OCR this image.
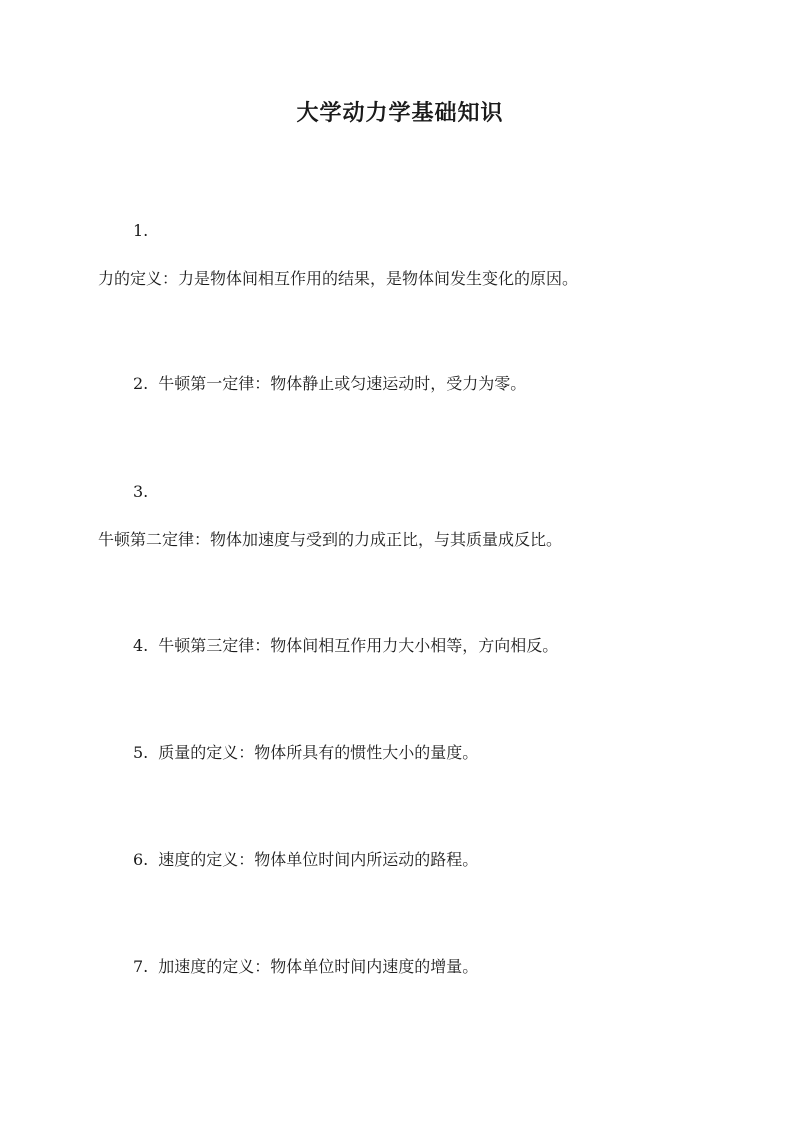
大学动力学基础知识
1.
力的定义：力是物体间相互作用的结果，是物体间发生变化的原因。
2. 牛顿第一定律：物体静止或匀速运动时，受力为零。
3.
牛顿第二定律：物体加速度与受到的力成正比，与其质量成反比。
4. 牛顿第三定律：物体间相互作用力大小相等，方向相反。
5. 质量的定义：物体所具有的惯性大小的量度。
6. 速度的定义：物体单位时间内所运动的路程。
7. 加速度的定义：物体单位时间内速度的增量。
